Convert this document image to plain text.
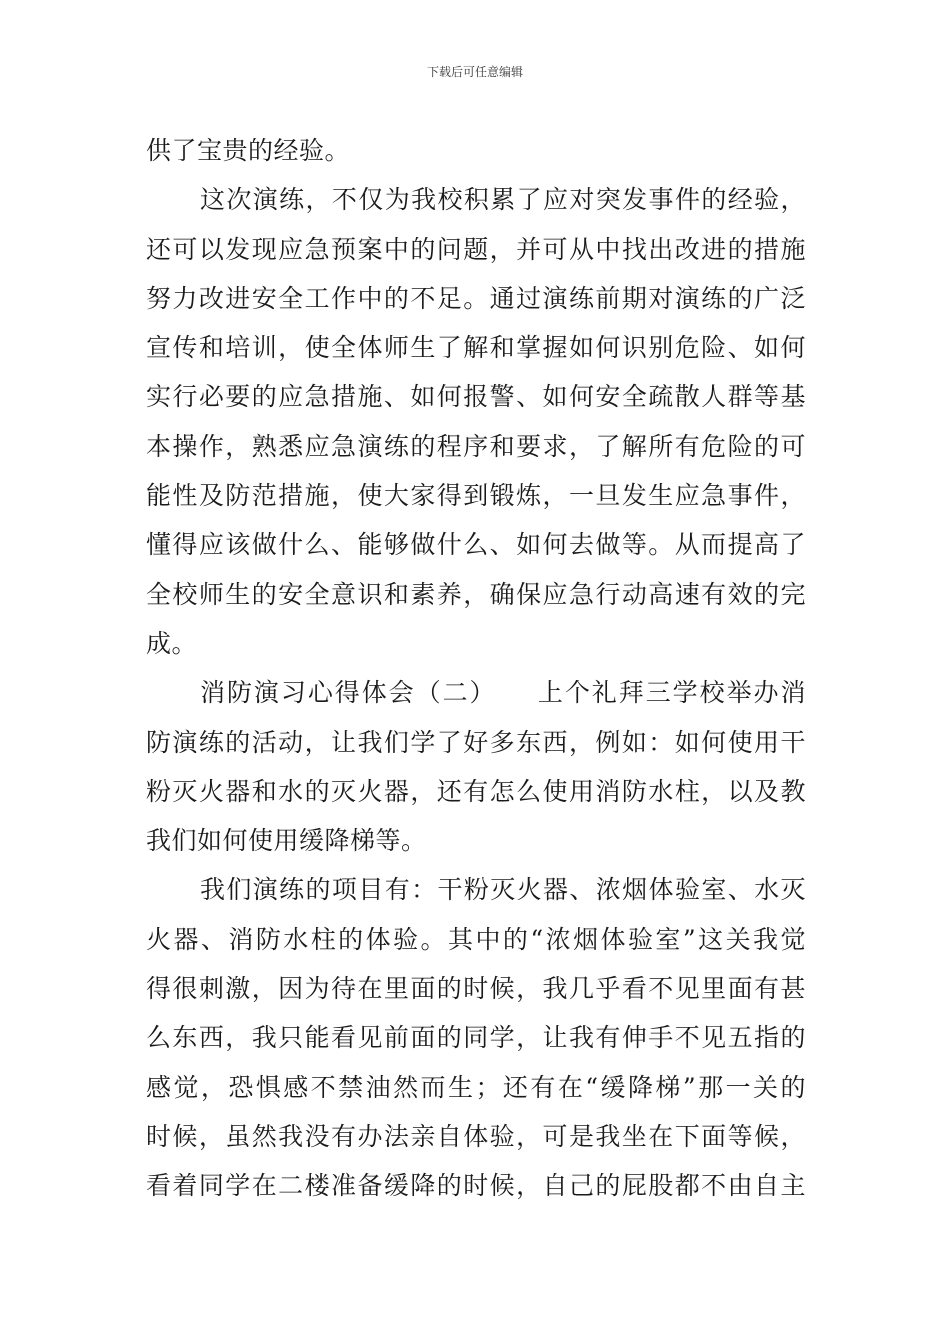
下载后可任意编辑
供了宝贵的经验。
这次演练，不仅为我校积累了应对突发事件的经验，
还可以发现应急预案中的问题，并可从中找出改进的措施
努力改进安全工作中的不足。通过演练前期对演练的广泛
宣传和培训，使全体师生了解和掌握如何识别危险、如何
实行必要的应急措施、如何报警、如何安全疏散人群等基
本操作，熟悉应急演练的程序和要求，了解所有危险的可
能性及防范措施，使大家得到锻炼，一旦发生应急事件，
懂得应该做什么、能够做什么、如何去做等。从而提高了
全校师生的安全意识和素养，确保应急行动高速有效的完
成。
消防演习心得体会（二）　　上个礼拜三学校举办消
防演练的活动，让我们学了好多东西，例如：如何使用干
粉灭火器和水的灭火器，还有怎么使用消防水柱，以及教
我们如何使用缓降梯等。
我们演练的项目有：干粉灭火器、浓烟体验室、水灭
火器、消防水柱的体验。其中的“浓烟体验室”这关我觉
得很刺激，因为待在里面的时候，我几乎看不见里面有甚
么东西，我只能看见前面的同学，让我有伸手不见五指的
感觉，恐惧感不禁油然而生；还有在“缓降梯”那一关的
时候，虽然我没有办法亲自体验，可是我坐在下面等候，
看着同学在二楼准备缓降的时候，自己的屁股都不由自主
